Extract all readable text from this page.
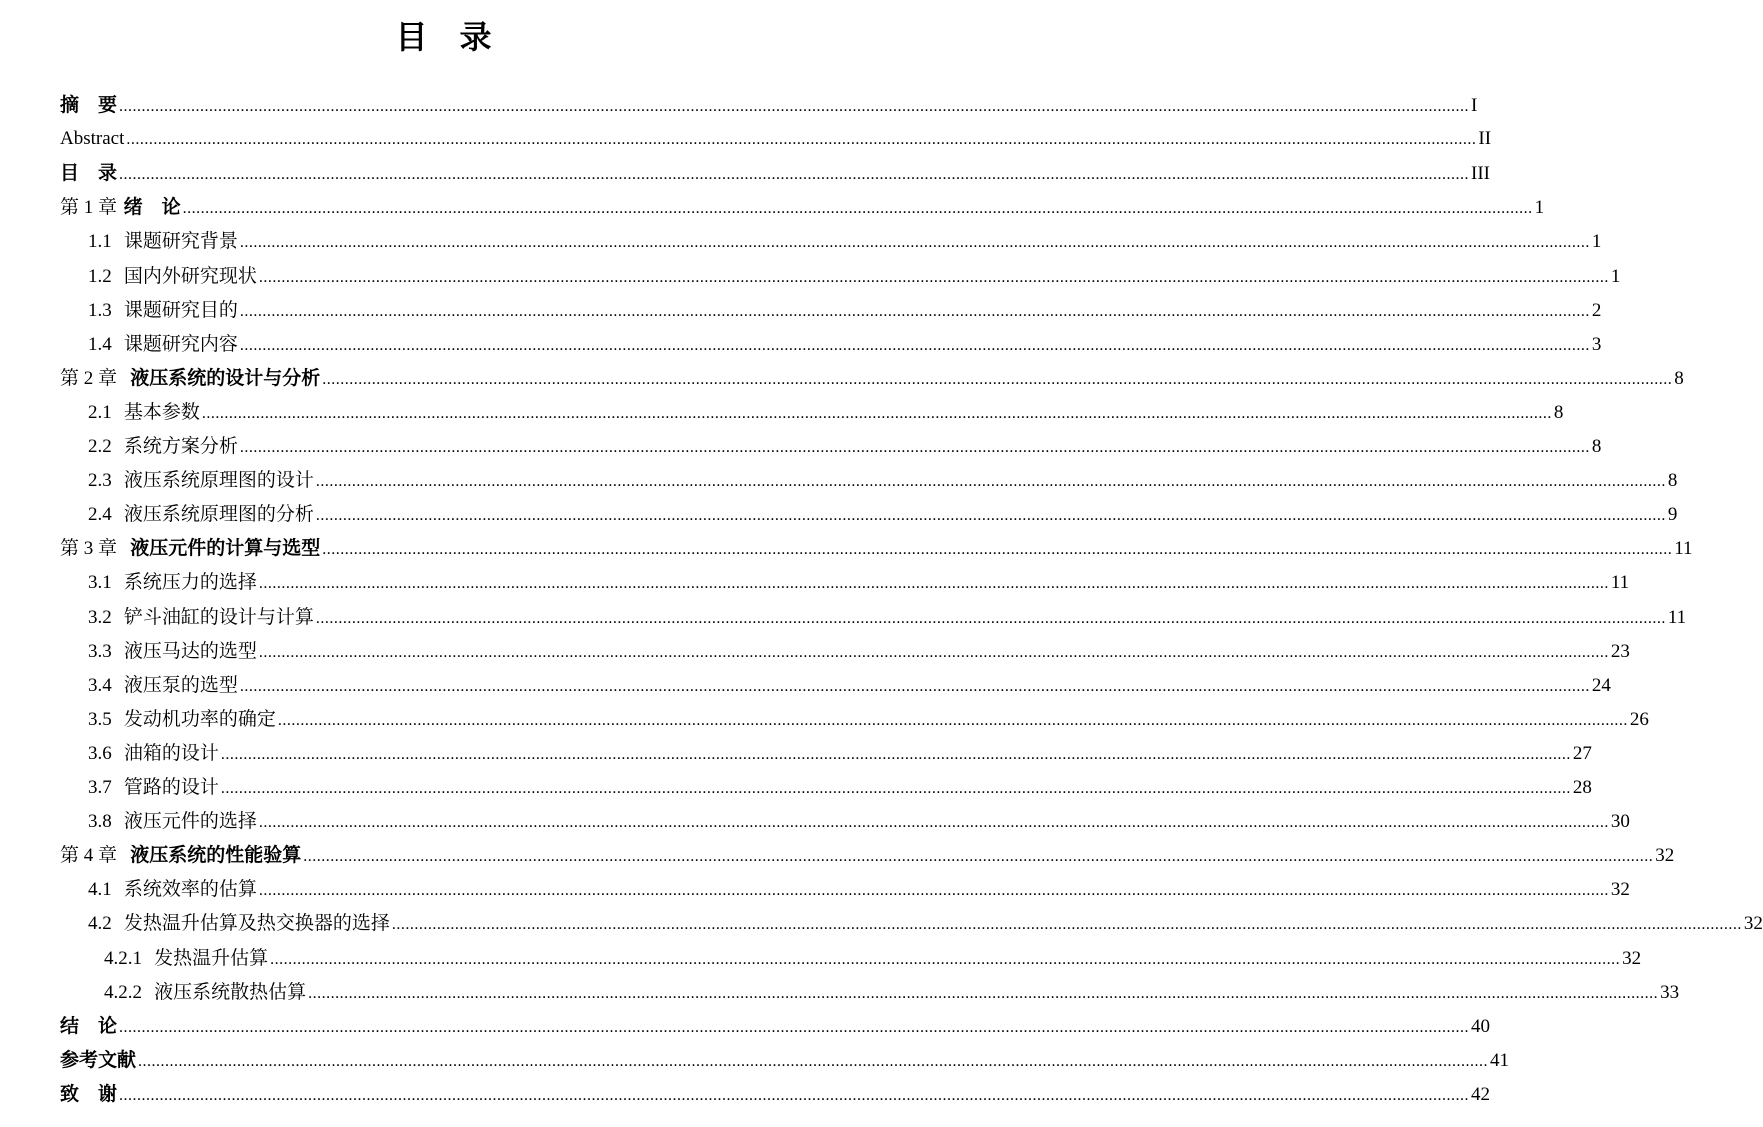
目　录
摘　要 ............................................................................................................................................................................................................................................................................................................ I
Abstract ............................................................................................................................................................................................................................................................................................................ II
目　录 ............................................................................................................................................................................................................................................................................................................ III
第 1 章 绪　论 ............................................................................................................................................................................................................................................................................................................ 1
1.1  课题研究背景 ............................................................................................................................................................................................................................................................................................................ 1
1.2  国内外研究现状 ............................................................................................................................................................................................................................................................................................................ 1
1.3  课题研究目的 ............................................................................................................................................................................................................................................................................................................ 2
1.4  课题研究内容 ............................................................................................................................................................................................................................................................................................................ 3
第 2 章  液压系统的设计与分析 ............................................................................................................................................................................................................................................................................................................ 8
2.1  基本参数 ............................................................................................................................................................................................................................................................................................................ 8
2.2  系统方案分析 ............................................................................................................................................................................................................................................................................................................ 8
2.3  液压系统原理图的设计 ............................................................................................................................................................................................................................................................................................................ 8
2.4  液压系统原理图的分析 ............................................................................................................................................................................................................................................................................................................ 9
第 3 章  液压元件的计算与选型 ............................................................................................................................................................................................................................................................................................................ 11
3.1  系统压力的选择 ............................................................................................................................................................................................................................................................................................................ 11
3.2  铲斗油缸的设计与计算 ............................................................................................................................................................................................................................................................................................................ 11
3.3  液压马达的选型 ............................................................................................................................................................................................................................................................................................................ 23
3.4  液压泵的选型 ............................................................................................................................................................................................................................................................................................................ 24
3.5  发动机功率的确定 ............................................................................................................................................................................................................................................................................................................ 26
3.6  油箱的设计 ............................................................................................................................................................................................................................................................................................................ 27
3.7  管路的设计 ............................................................................................................................................................................................................................................................................................................ 28
3.8  液压元件的选择 ............................................................................................................................................................................................................................................................................................................ 30
第 4 章  液压系统的性能验算 ............................................................................................................................................................................................................................................................................................................ 32
4.1  系统效率的估算 ............................................................................................................................................................................................................................................................................................................ 32
4.2  发热温升估算及热交换器的选择 ............................................................................................................................................................................................................................................................................................................ 32
4.2.1  发热温升估算 ............................................................................................................................................................................................................................................................................................................ 32
4.2.2  液压系统散热估算 ............................................................................................................................................................................................................................................................................................................ 33
结　论 ............................................................................................................................................................................................................................................................................................................ 40
参考文献 ............................................................................................................................................................................................................................................................................................................ 41
致　谢 ............................................................................................................................................................................................................................................................................................................ 42
